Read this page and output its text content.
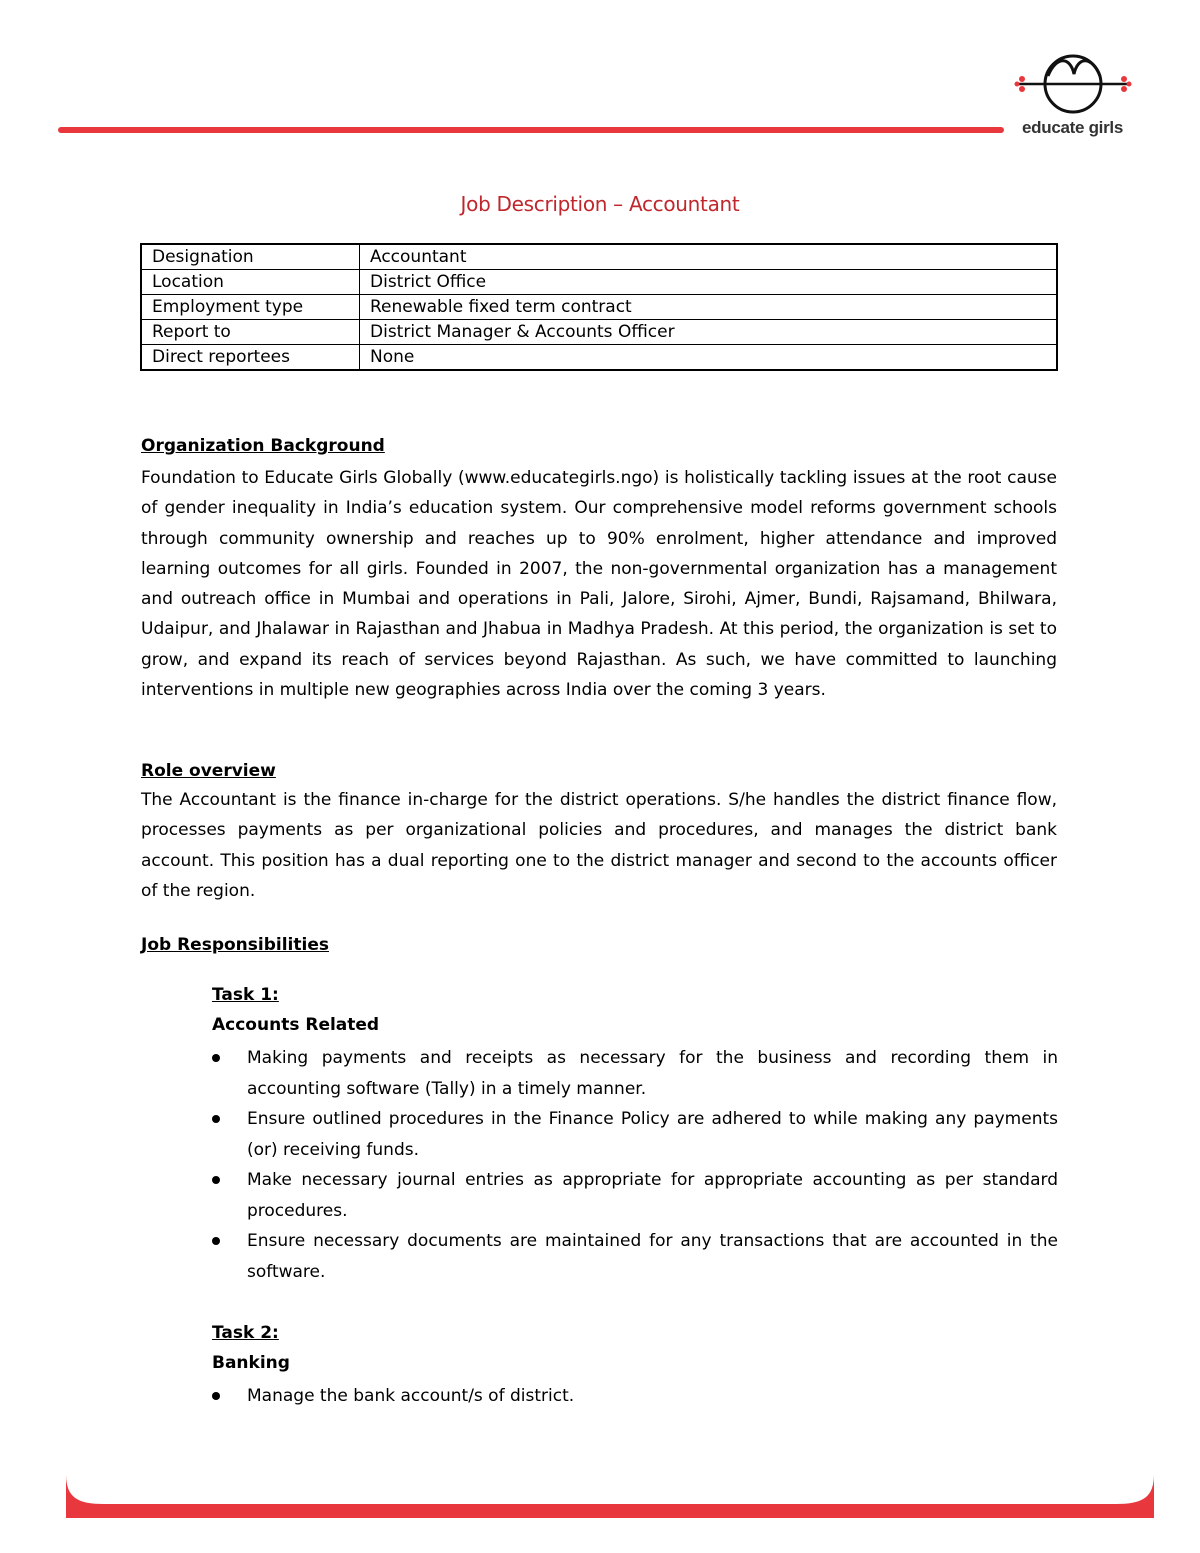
educate girls
Job Description – Accountant
Designation	Accountant
Location	District Office
Employment type	Renewable fixed term contract
Report to	District Manager & Accounts Officer
Direct reportees	None
Organization Background

Foundation to Educate Girls Globally (www.educategirls.ngo) is holistically tackling issues at the root cause of gender inequality in India’s education system. Our comprehensive model reforms government schools through community ownership and reaches up to 90% enrolment, higher attendance and improved learning outcomes for all girls. Founded in 2007, the non-governmental organization has a management and outreach office in Mumbai and operations in Pali, Jalore, Sirohi, Ajmer, Bundi, Rajsamand, Bhilwara, Udaipur, and Jhalawar in Rajasthan and Jhabua in Madhya Pradesh. At this period, the organization is set to grow, and expand its reach of services beyond Rajasthan. As such, we have committed to launching interventions in multiple new geographies across India over the coming 3 years.

Role overview

The Accountant is the finance in-charge for the district operations. S/he handles the district finance flow, processes payments as per organizational policies and procedures, and manages the district bank account. This position has a dual reporting one to the district manager and second to the accounts officer of the region.

Job Responsibilities
Task 1:
Accounts Related
Making payments and receipts as necessary for the business and recording them in accounting software (Tally) in a timely manner.
Ensure outlined procedures in the Finance Policy are adhered to while making any payments (or) receiving funds.
Make necessary journal entries as appropriate for appropriate accounting as per standard procedures.
Ensure necessary documents are maintained for any transactions that are accounted in the software.
Task 2:
Banking
Manage the bank account/s of district.
